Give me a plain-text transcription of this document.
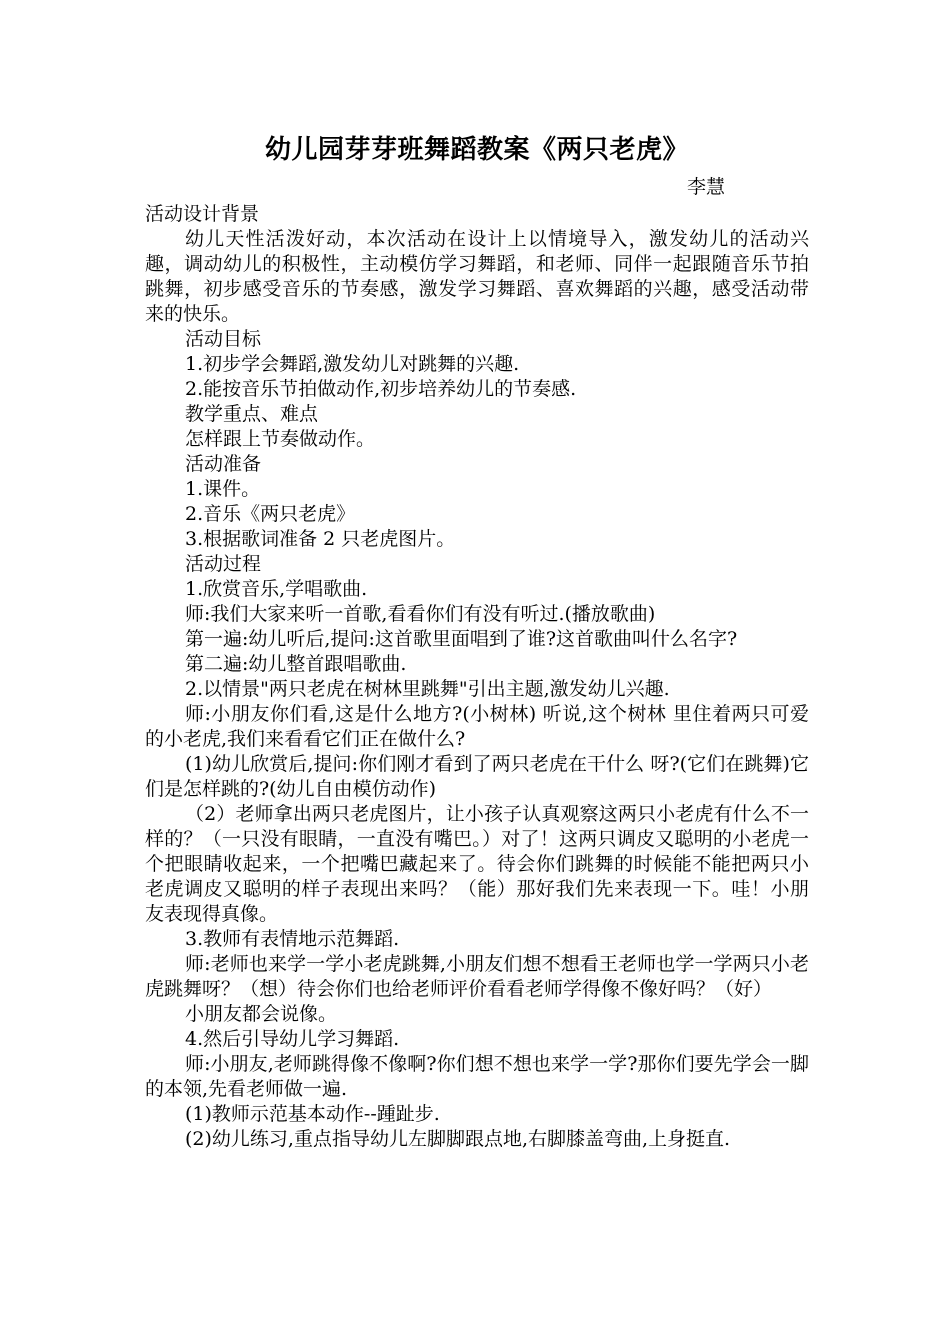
幼儿园芽芽班舞蹈教案《两只老虎》

李慧

活动设计背景

幼儿天性活泼好动，本次活动在设计上以情境导入，激发幼儿的活动兴趣，调动幼儿的积极性，主动模仿学习舞蹈，和老师、同伴一起跟随音乐节拍跳舞，初步感受音乐的节奏感，激发学习舞蹈、喜欢舞蹈的兴趣，感受活动带来的快乐。

活动目标

1.初步学会舞蹈,激发幼儿对跳舞的兴趣.

2.能按音乐节拍做动作,初步培养幼儿的节奏感.

教学重点、难点

怎样跟上节奏做动作。

活动准备

1.课件。

2.音乐《两只老虎》

3.根据歌词准备 2 只老虎图片。

活动过程

1.欣赏音乐,学唱歌曲.

师:我们大家来听一首歌,看看你们有没有听过.(播放歌曲)

第一遍:幼儿听后,提问:这首歌里面唱到了谁?这首歌曲叫什么名字?

第二遍:幼儿整首跟唱歌曲.

2.以情景"两只老虎在树林里跳舞"引出主题,激发幼儿兴趣.

师:小朋友你们看,这是什么地方?(小树林) 听说,这个树林 里住着两只可爱的小老虎,我们来看看它们正在做什么?

(1)幼儿欣赏后,提问:你们刚才看到了两只老虎在干什么 呀?(它们在跳舞)它们是怎样跳的?(幼儿自由模仿动作)

（2）老师拿出两只老虎图片，让小孩子认真观察这两只小老虎有什么不一样的？（一只没有眼睛，一直没有嘴巴。）对了！这两只调皮又聪明的小老虎一个把眼睛收起来，一个把嘴巴藏起来了。待会你们跳舞的时候能不能把两只小老虎调皮又聪明的样子表现出来吗？（能）那好我们先来表现一下。哇！小朋友表现得真像。

3.教师有表情地示范舞蹈.

师:老师也来学一学小老虎跳舞,小朋友们想不想看王老师也学一学两只小老虎跳舞呀？（想）待会你们也给老师评价看看老师学得像不像好吗？（好）

小朋友都会说像。

4.然后引导幼儿学习舞蹈.

师:小朋友,老师跳得像不像啊?你们想不想也来学一学?那你们要先学会一脚的本领,先看老师做一遍.

(1)教师示范基本动作--踵趾步.

(2)幼儿练习,重点指导幼儿左脚脚跟点地,右脚膝盖弯曲,上身挺直.
